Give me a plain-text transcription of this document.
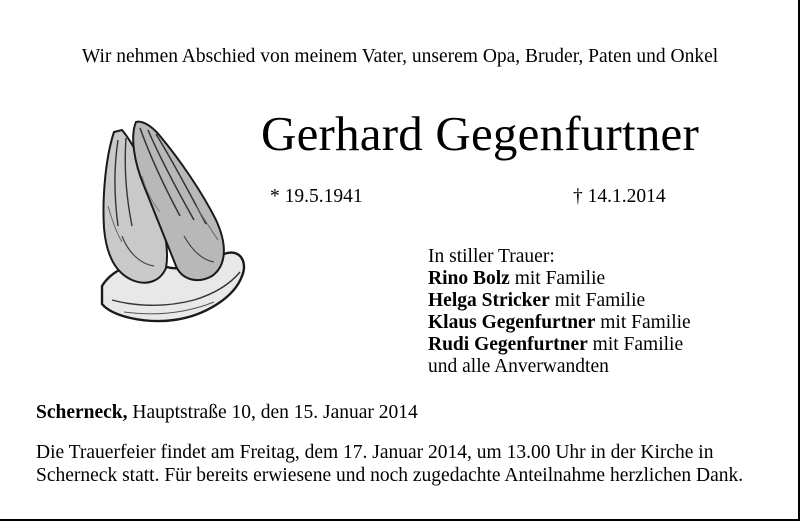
Wir nehmen Abschied von meinem Vater, unserem Opa, Bruder, Paten und Onkel
Gerhard Gegenfurtner
* 19.5.1941	† 14.1.2014
In stiller Trauer:
Rino Bolz mit Familie
Helga Stricker mit Familie
Klaus Gegenfurtner mit Familie
Rudi Gegenfurtner mit Familie
und alle Anverwandten
Scherneck, Hauptstraße 10, den 15. Januar 2014
Die Trauerfeier findet am Freitag, dem 17. Januar 2014, um 13.00 Uhr in der Kirche in
Scherneck statt. Für bereits erwiesene und noch zugedachte Anteilnahme herzlichen Dank.
